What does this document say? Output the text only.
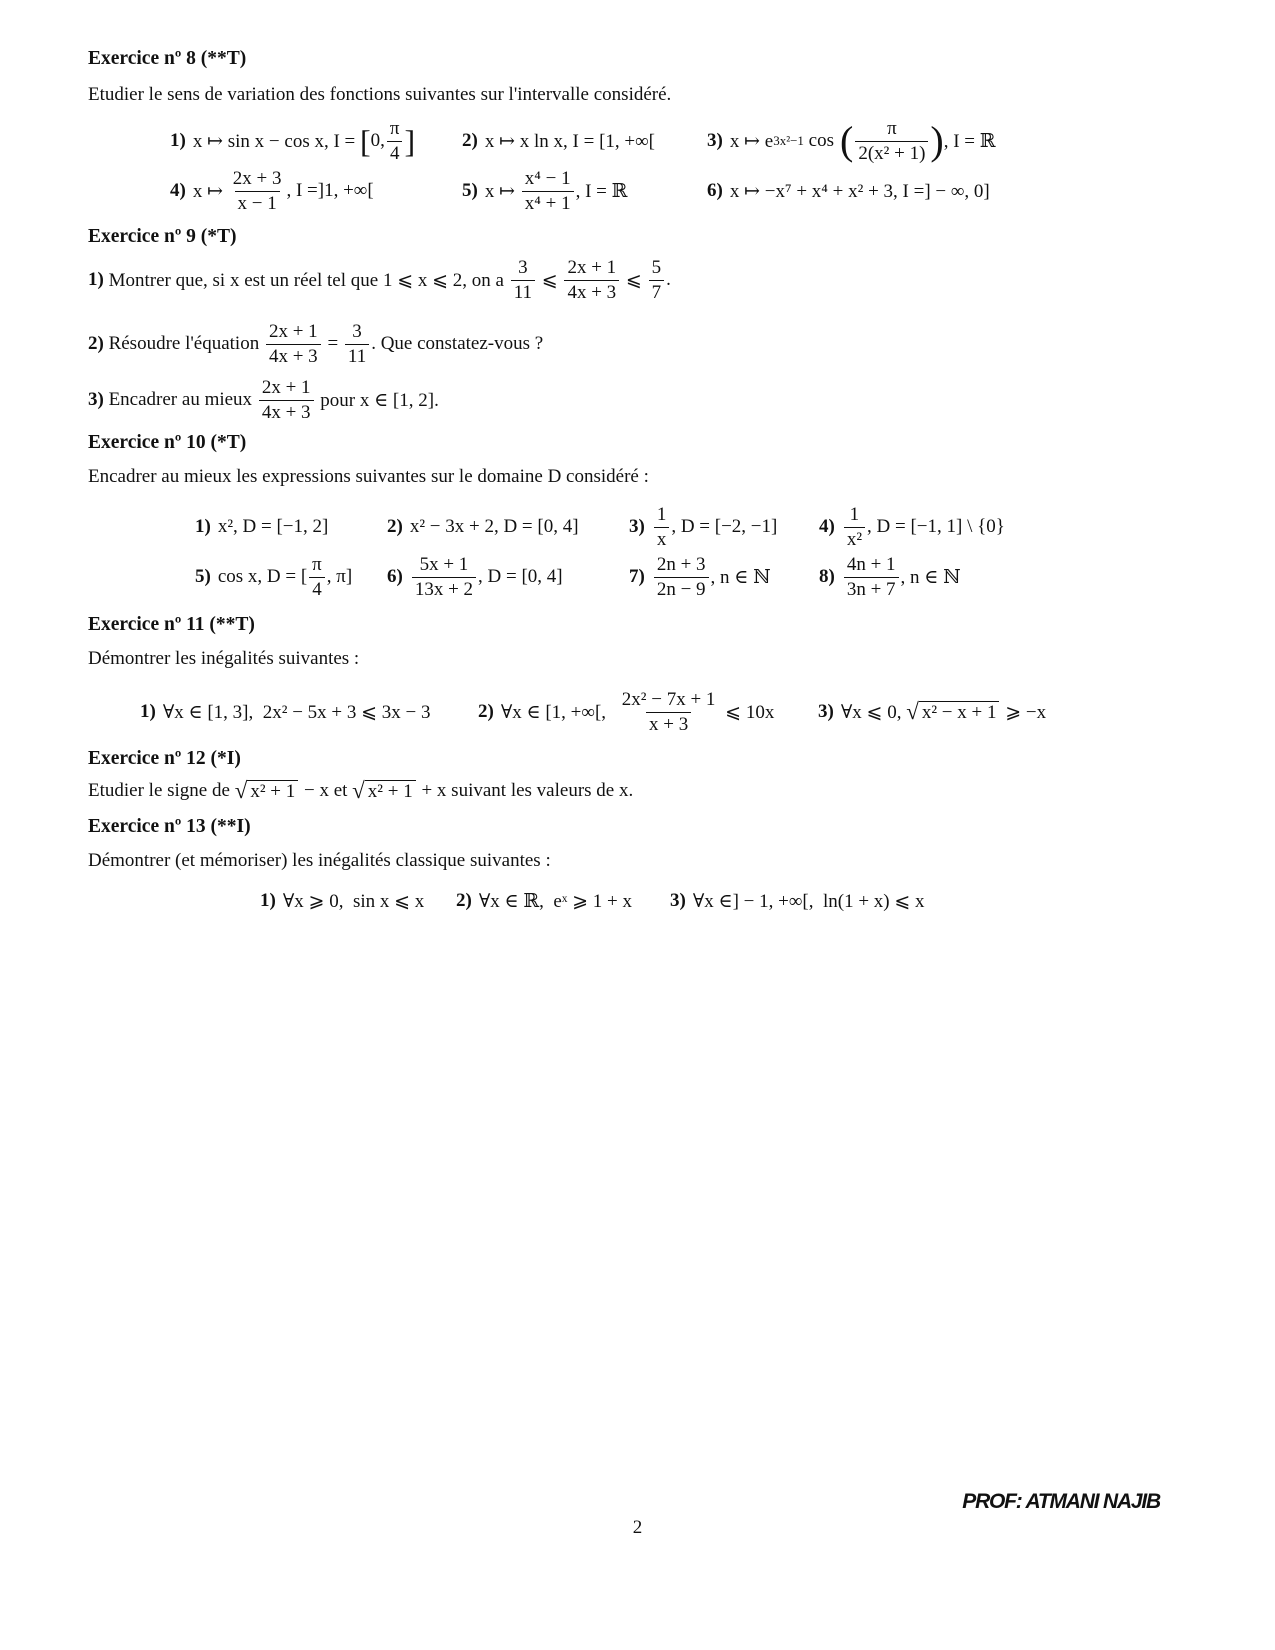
Exercice nº 8 (**T)

Etudier le sens de variation des fonctions suivantes sur l'intervalle considéré.

1) x ↦ sin x − cos x, I = [ 0, $\frac{\pi}{4}$ ] 2) x ↦ x ln x, I = [1, +∞[	3) x ↦ e 3x²−1 cos ( $\frac{\pi}{\text{2(x² + 1)}}$ ) , I = ℝ
4) x ↦ $\frac{2x + 3}{x - 1}$ , I =]1, +∞[	5) x ↦ $\frac{\text{x⁴ − 1}}{\text{x⁴ + 1}}$ , I = ℝ	6) x ↦ −x⁷ + x⁴ + x² + 3, I =] − ∞, 0]

Exercice nº 9 (*T)

1) Montrer que, si x est un réel tel que 1 ⩽ x ⩽ 2, on a $\frac{3}{11}$ ⩽ $\frac{2x + 1}{4x + 3}$ ⩽ $\frac{5}{7}$ .
2) Résoudre l'équation $\frac{2x + 1}{4x + 3} = \frac{3}{11}$ . Que constatez-vous ?
3) Encadrer au mieux $\frac{2x + 1}{4x + 3}$ pour x ∈ [1, 2].

Exercice nº 10 (*T)

Encadrer au mieux les expressions suivantes sur le domaine D considéré :

1) x², D = [−1, 2]	2) x² − 3x + 2, D = [0, 4]	$3) \frac{1}{x}$ , D = [−2, −1] $4) \frac{1}{\text{x²}}$ , D = [−1, 1] \ {0}
5) cos x, D = [ $\frac{\pi}{4}$ , π] $6) \frac{5x + 1}{13x + 2}$ , D = [0, 4]	$7) \frac{2n + 3}{2n - 9}$ , n ∈ ℕ	$8) \frac{4n + 1}{3n + 7}$ , n ∈ ℕ

Exercice nº 11 (**T)

Démontrer les inégalités suivantes :

1) ∀x ∈ [1, 3],  2x² − 5x + 3 ⩽ 3x − 3 2) ∀x ∈ [1, +∞[, $\frac{\text{2x² − 7x + 1}}{x + 3}$ ⩽ 10x 3) ∀x ⩽ 0, √ x² − x + 1 ⩾ −x

Exercice nº 12 (*I)

Etudier le signe de √ x² + 1 − x et √ x² + 1 + x suivant les valeurs de x.

Exercice nº 13 (**I)

Démontrer (et mémoriser) les inégalités classique suivantes :

1) ∀x ⩾ 0,  sin x ⩽ x 2) ∀x ∈ ℝ,  eˣ ⩾ 1 + x 3) ∀x ∈] − 1, +∞[,  ln(1 + x) ⩽ x
PROF: ATMANI NAJIB
2
